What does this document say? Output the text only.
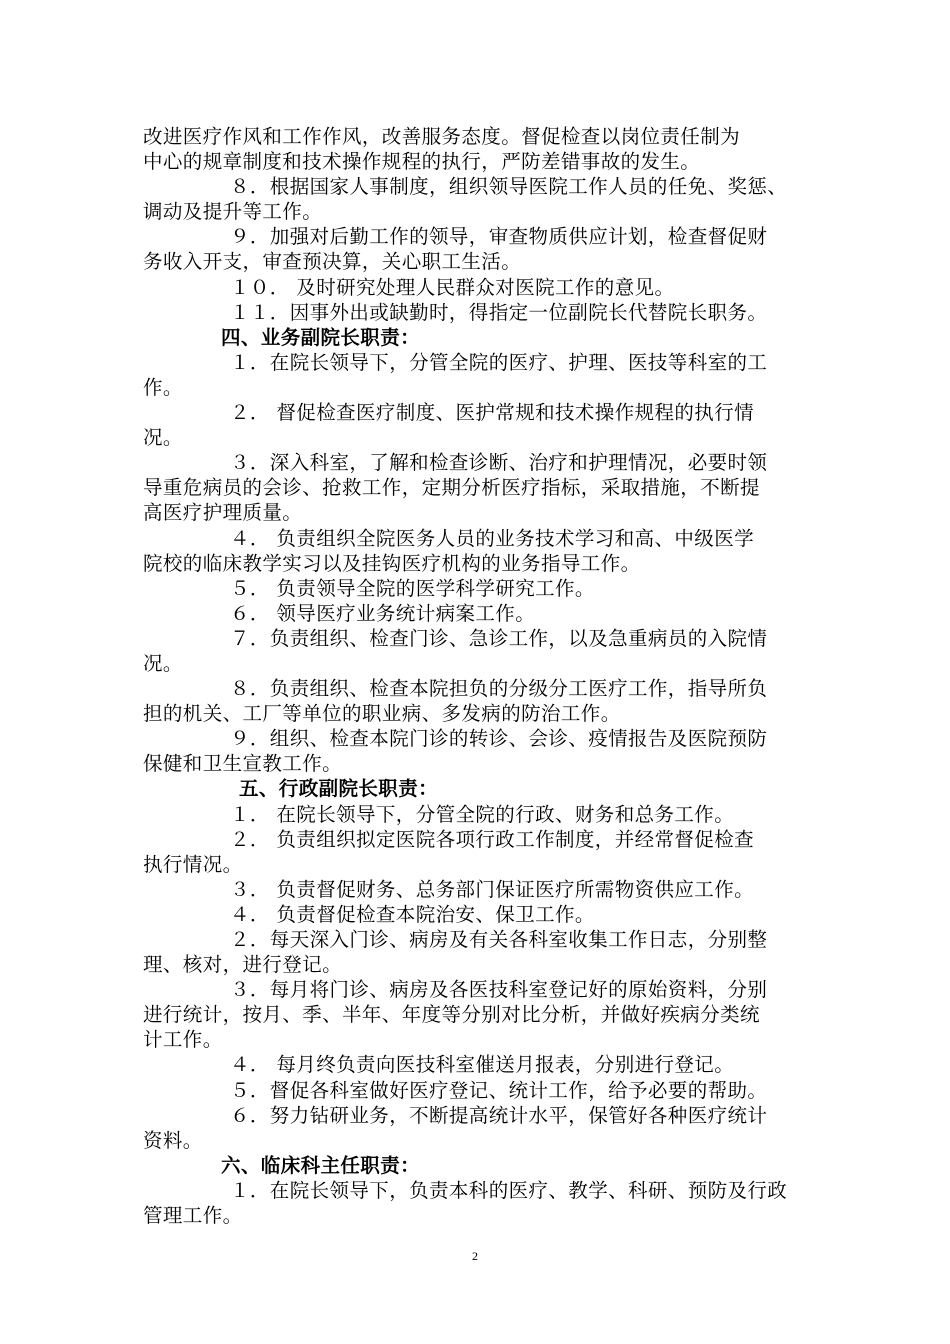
改进医疗作风和工作作风，改善服务态度。督促检查以岗位责任制为
中心的规章制度和技术操作规程的执行，严防差错事故的发生。
８．根据国家人事制度，组织领导医院工作人员的任免、奖惩、
调动及提升等工作。
９．加强对后勤工作的领导，审查物质供应计划，检查督促财
务收入开支，审查预决算，关心职工生活。
１０． 及时研究处理人民群众对医院工作的意见。
１１．因事外出或缺勤时，得指定一位副院长代替院长职务。
四、业务副院长职责：
１．在院长领导下，分管全院的医疗、护理、医技等科室的工
作。
２． 督促检查医疗制度、医护常规和技术操作规程的执行情
况。
３．深入科室，了解和检查诊断、治疗和护理情况，必要时领
导重危病员的会诊、抢救工作，定期分析医疗指标，采取措施，不断提
高医疗护理质量。
４． 负责组织全院医务人员的业务技术学习和高、中级医学
院校的临床教学实习以及挂钩医疗机构的业务指导工作。
５． 负责领导全院的医学科学研究工作。
６． 领导医疗业务统计病案工作。
７．负责组织、检查门诊、急诊工作，以及急重病员的入院情
况。
８．负责组织、检查本院担负的分级分工医疗工作，指导所负
担的机关、工厂等单位的职业病、多发病的防治工作。
９．组织、检查本院门诊的转诊、会诊、疫情报告及医院预防
保健和卫生宣教工作。
五、行政副院长职责：
１． 在院长领导下，分管全院的行政、财务和总务工作。
２． 负责组织拟定医院各项行政工作制度，并经常督促检查
执行情况。
３． 负责督促财务、总务部门保证医疗所需物资供应工作。
４． 负责督促检查本院治安、保卫工作。
２．每天深入门诊、病房及有关各科室收集工作日志，分别整
理、核对，进行登记。
３．每月将门诊、病房及各医技科室登记好的原始资料，分别
进行统计，按月、季、半年、年度等分别对比分析，并做好疾病分类统
计工作。
４． 每月终负责向医技科室催送月报表，分别进行登记。
５．督促各科室做好医疗登记、统计工作，给予必要的帮助。
６．努力钻研业务，不断提高统计水平，保管好各种医疗统计
资料。
六、临床科主任职责：
１．在院长领导下，负责本科的医疗、教学、科研、预防及行政
管理工作。
2
